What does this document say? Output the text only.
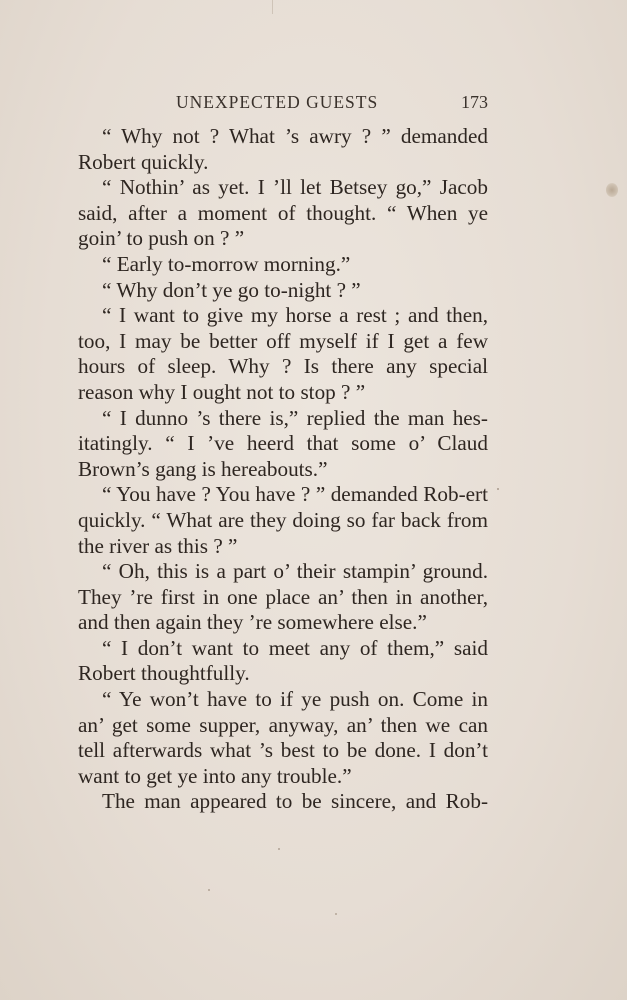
UNEXPECTED GUESTS	173

“ Why not ? What ’s awry ? ” demanded Robert quickly.

“ Nothin’ as yet. I ’ll let Betsey go,” Jacob said, after a moment of thought. “ When ye goin’ to push on ? ”

“ Early to-morrow morning.”

“ Why don’t ye go to-night ? ”

“ I want to give my horse a rest ; and then, too, I may be better off myself if I get a few hours of sleep. Why ? Is there any special reason why I ought not to stop ? ”

“ I dunno ’s there is,” replied the man hes-itatingly. “ I ’ve heerd that some o’ Claud Brown’s gang is hereabouts.”

“ You have ? You have ? ” demanded Rob-ert quickly. “ What are they doing so far back from the river as this ? ”

“ Oh, this is a part o’ their stampin’ ground. They ’re first in one place an’ then in another, and then again they ’re somewhere else.”

“ I don’t want to meet any of them,” said Robert thoughtfully.

“ Ye won’t have to if ye push on. Come in an’ get some supper, anyway, an’ then we can tell afterwards what ’s best to be done. I don’t want to get ye into any trouble.”

The man appeared to be sincere, and Rob-
